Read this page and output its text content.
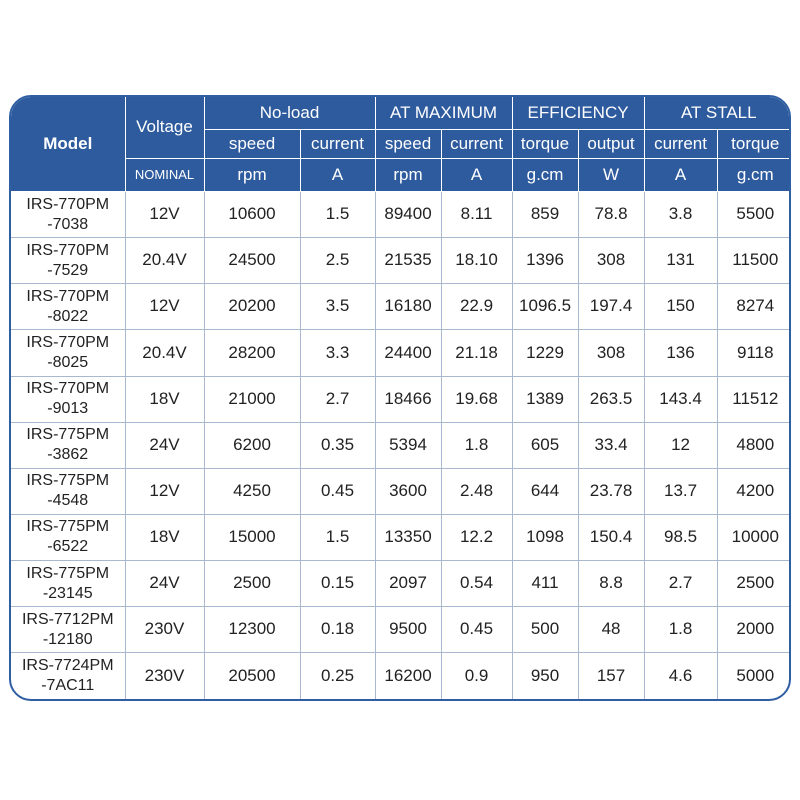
Model	Voltage	No-load		AT MAXIMUM		EFFICIENCY		AT STALL	
		speed	current	speed	current	torque	output	current	torque
	NOMINAL	rpm	A	rpm	A	g.cm	W	A	g.cm

IRS-770PM
-7038	12V	10600	1.5	89400	8.11	859	78.8	3.8	5500

IRS-770PM
-7529	20.4V	24500	2.5	21535	18.10	1396	308	131	11500

IRS-770PM
-8022	12V	20200	3.5	16180	22.9	1096.5	197.4	150	8274

IRS-770PM
-8025	20.4V	28200	3.3	24400	21.18	1229	308	136	9118

IRS-770PM
-9013	18V	21000	2.7	18466	19.68	1389	263.5	143.4	11512

IRS-775PM
-3862	24V	6200	0.35	5394	1.8	605	33.4	12	4800

IRS-775PM
-4548	12V	4250	0.45	3600	2.48	644	23.78	13.7	4200

IRS-775PM
-6522	18V	15000	1.5	13350	12.2	1098	150.4	98.5	10000

IRS-775PM
-23145	24V	2500	0.15	2097	0.54	411	8.8	2.7	2500

IRS-7712PM
-12180	230V	12300	0.18	9500	0.45	500	48	1.8	2000

IRS-7724PM
-7AC11	230V	20500	0.25	16200	0.9	950	157	4.6	5000
